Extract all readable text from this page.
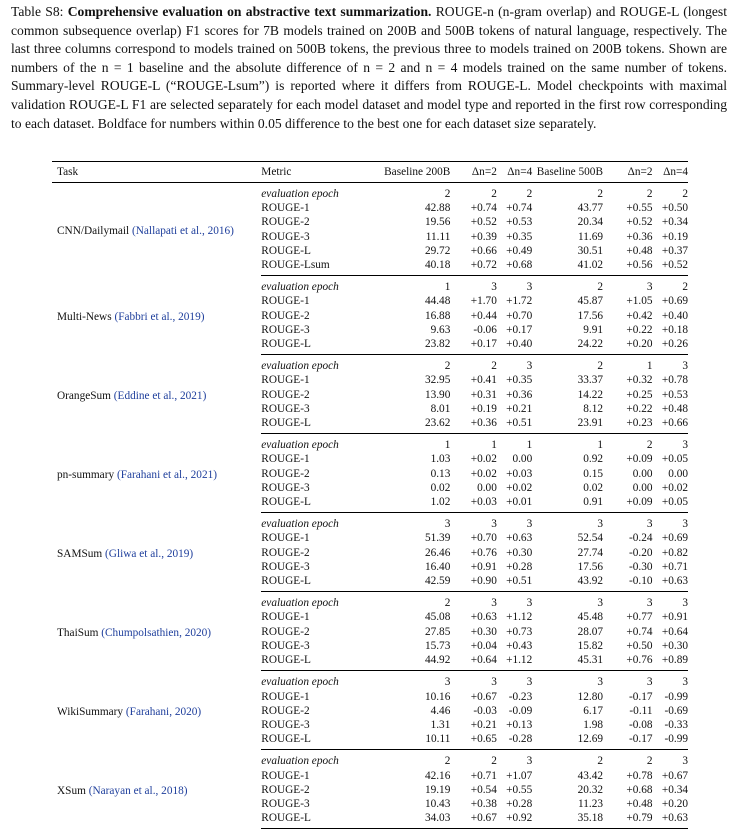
Table S8: Comprehensive evaluation on abstractive text summarization. ROUGE-n (n-gram overlap) and ROUGE-L (longest common subsequence overlap) F1 scores for 7B models trained on 200B and 500B tokens of natural language, respectively. The last three columns correspond to models trained on 500B tokens, the previous three to models trained on 200B tokens. Shown are numbers of the n = 1 baseline and the absolute difference of n = 2 and n = 4 models trained on the same number of tokens. Summary-level ROUGE-L (“ROUGE-Lsum”) is reported where it differs from ROUGE-L. Model checkpoints with maximal validation ROUGE-L F1 are selected separately for each model dataset and model type and reported in the first row corresponding to each dataset. Boldface for numbers within 0.05 difference to the best one for each dataset size separately.
Task	Metric	Baseline 200B	Δn=2	Δn=4	Baseline 500B	Δn=2	Δn=4
CNN/Dailymail (Nallapati et al., 2016)	evaluation epoch	2	2	2	2	2	2
	ROUGE-1	42.88	+0.74	+0.74	43.77	+0.55	+0.50
	ROUGE-2	19.56	+0.52	+0.53	20.34	+0.52	+0.34
	ROUGE-3	11.11	+0.39	+0.35	11.69	+0.36	+0.19
	ROUGE-L	29.72	+0.66	+0.49	30.51	+0.48	+0.37
	ROUGE-Lsum	40.18	+0.72	+0.68	41.02	+0.56	+0.52
Multi-News (Fabbri et al., 2019)	evaluation epoch	1	3	3	2	3	2
	ROUGE-1	44.48	+1.70	+1.72	45.87	+1.05	+0.69
	ROUGE-2	16.88	+0.44	+0.70	17.56	+0.42	+0.40
	ROUGE-3	9.63	-0.06	+0.17	9.91	+0.22	+0.18
	ROUGE-L	23.82	+0.17	+0.40	24.22	+0.20	+0.26
OrangeSum (Eddine et al., 2021)	evaluation epoch	2	2	3	2	1	3
	ROUGE-1	32.95	+0.41	+0.35	33.37	+0.32	+0.78
	ROUGE-2	13.90	+0.31	+0.36	14.22	+0.25	+0.53
	ROUGE-3	8.01	+0.19	+0.21	8.12	+0.22	+0.48
	ROUGE-L	23.62	+0.36	+0.51	23.91	+0.23	+0.66
pn-summary (Farahani et al., 2021)	evaluation epoch	1	1	1	1	2	3
	ROUGE-1	1.03	+0.02	0.00	0.92	+0.09	+0.05
	ROUGE-2	0.13	+0.02	+0.03	0.15	0.00	0.00
	ROUGE-3	0.02	0.00	+0.02	0.02	0.00	+0.02
	ROUGE-L	1.02	+0.03	+0.01	0.91	+0.09	+0.05
SAMSum (Gliwa et al., 2019)	evaluation epoch	3	3	3	3	3	3
	ROUGE-1	51.39	+0.70	+0.63	52.54	-0.24	+0.69
	ROUGE-2	26.46	+0.76	+0.30	27.74	-0.20	+0.82
	ROUGE-3	16.40	+0.91	+0.28	17.56	-0.30	+0.71
	ROUGE-L	42.59	+0.90	+0.51	43.92	-0.10	+0.63
ThaiSum (Chumpolsathien, 2020)	evaluation epoch	2	3	3	3	3	3
	ROUGE-1	45.08	+0.63	+1.12	45.48	+0.77	+0.91
	ROUGE-2	27.85	+0.30	+0.73	28.07	+0.74	+0.64
	ROUGE-3	15.73	+0.04	+0.43	15.82	+0.50	+0.30
	ROUGE-L	44.92	+0.64	+1.12	45.31	+0.76	+0.89
WikiSummary (Farahani, 2020)	evaluation epoch	3	3	3	3	3	3
	ROUGE-1	10.16	+0.67	-0.23	12.80	-0.17	-0.99
	ROUGE-2	4.46	-0.03	-0.09	6.17	-0.11	-0.69
	ROUGE-3	1.31	+0.21	+0.13	1.98	-0.08	-0.33
	ROUGE-L	10.11	+0.65	-0.28	12.69	-0.17	-0.99
XSum (Narayan et al., 2018)	evaluation epoch	2	2	3	2	2	3
	ROUGE-1	42.16	+0.71	+1.07	43.42	+0.78	+0.67
	ROUGE-2	19.19	+0.54	+0.55	20.32	+0.68	+0.34
	ROUGE-3	10.43	+0.38	+0.28	11.23	+0.48	+0.20
	ROUGE-L	34.03	+0.67	+0.92	35.18	+0.79	+0.63
